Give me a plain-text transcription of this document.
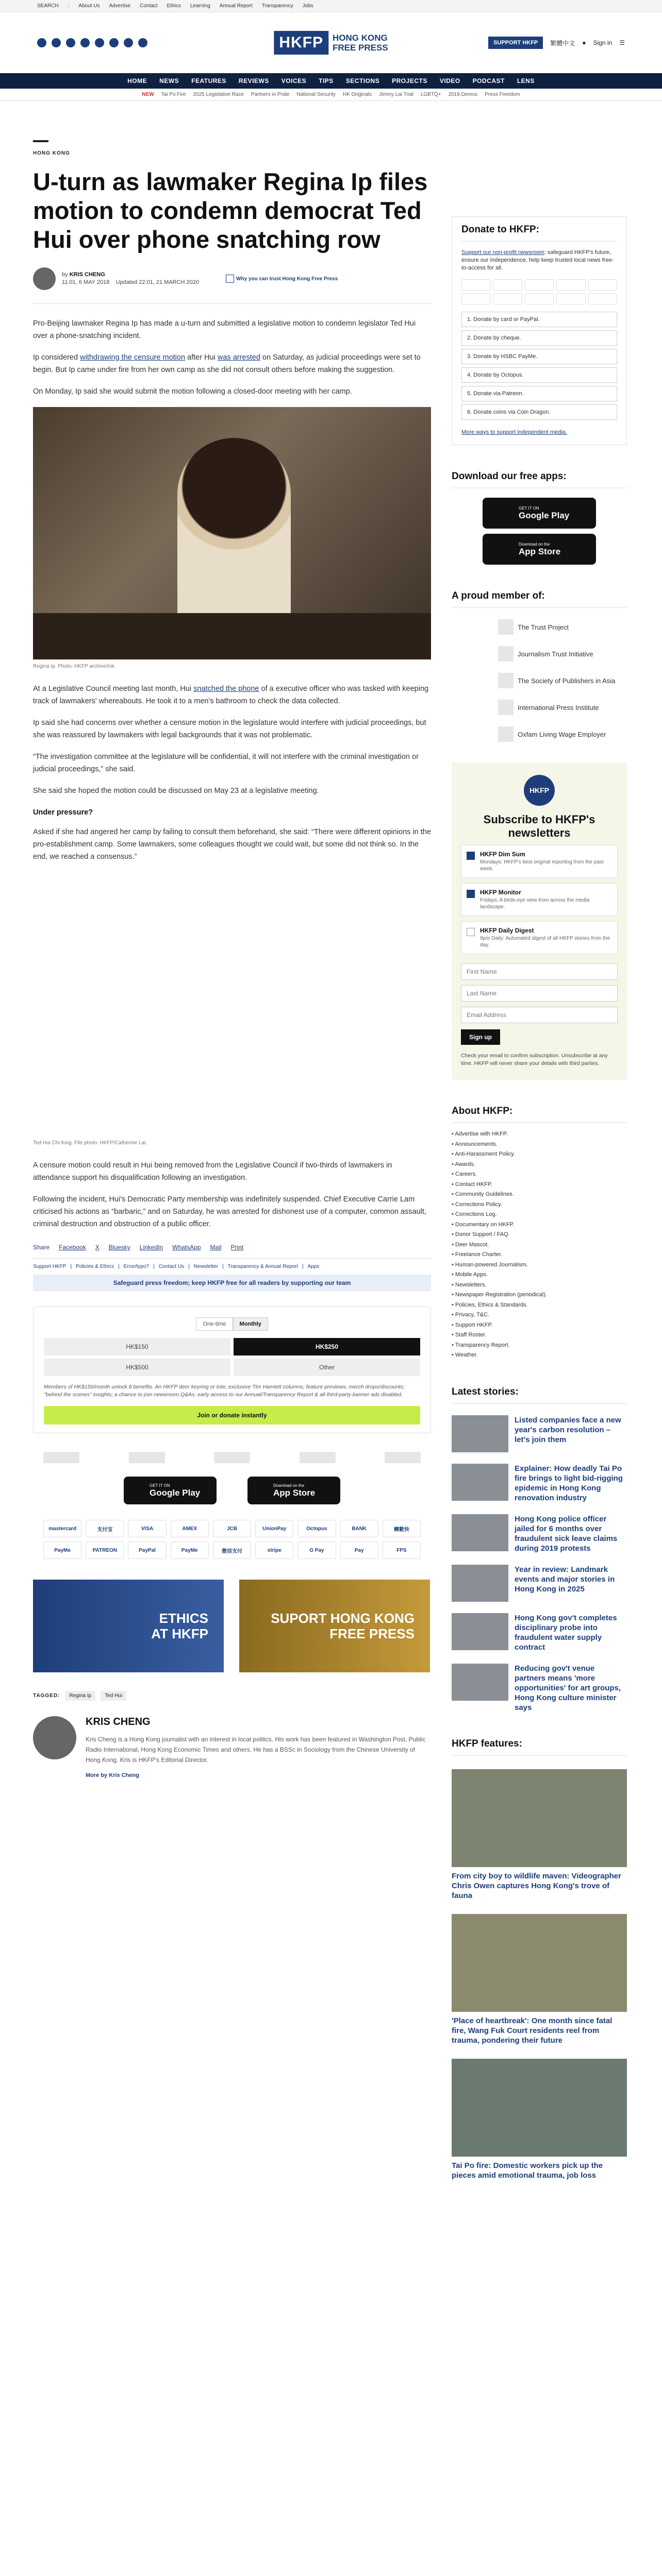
SEARCH | About Us Advertise Contact Ethics Learning Annual Report Transparency Jobs
HKFP	HONG KONG
FREE PRESS	SUPPORT HKFP	繁體中文 ● Sign in ☰
HOME NEWS FEATURES REVIEWS VOICES TIPS SECTIONS PROJECTS VIDEO PODCAST LENS
NEW Tai Po Fire 2025 Legislative Race Partners in Pride National Security HK Originals Jimmy Lai Trial LGBTQ+ 2019 Demos Press Freedom
HONG KONG
U-turn as lawmaker Regina Ip files motion to condemn democrat Ted Hui over phone snatching row
by KRIS CHENG
11:01, 6 MAY 2018 Updated 22:01, 21 MARCH 2020
Why you can trust Hong Kong Free Press

Pro-Beijing lawmaker Regina Ip has made a u-turn and submitted a legislative motion to condemn legislator Ted Hui over a phone-snatching incident.

Ip considered withdrawing the censure motion after Hui was arrested on Saturday, as judicial proceedings were set to begin. But Ip came under fire from her own camp as she did not consult others before making the suggestion.

On Monday, Ip said she would submit the motion following a closed-door meeting with her camp.

Regina Ip. Photo: HKFP archive/Ink.

At a Legislative Council meeting last month, Hui snatched the phone of a executive officer who was tasked with keeping track of lawmakers' whereabouts. He took it to a men's bathroom to check the data collected.

Ip said she had concerns over whether a censure motion in the legislature would interfere with judicial proceedings, but she was reassured by lawmakers with legal backgrounds that it was not problematic.

“The investigation committee at the legislature will be confidential, it will not interfere with the criminal investigation or judicial proceedings,” she said.

She said she hoped the motion could be discussed on May 23 at a legislative meeting.

Under pressure?

Asked if she had angered her camp by failing to consult them beforehand, she said: “There were different opinions in the pro-establishment camp. Some lawmakers, some colleagues thought we could wait, but some did not think so. In the end, we reached a consensus.”

Ted Hui Chi-fung. File photo: HKFP/Catherine Lai.

A censure motion could result in Hui being removed from the Legislative Council if two-thirds of lawmakers in attendance support his disqualification following an investigation.

Following the incident, Hui's Democratic Party membership was indefinitely suspended. Chief Executive Carrie Lam criticised his actions as “barbaric,” and on Saturday, he was arrested for dishonest use of a computer, common assault, criminal destruction and obstruction of a public officer.

Share Facebook X Bluesky LinkedIn WhatsApp Mail Print
Support HKFP | Policies & Ethics | Error/typo? | Contact Us | Newsletter | Transparency & Annual Report | Apps
Safeguard press freedom; keep HKFP free for all readers by supporting our team
One-time	Monthly
HK$150	HK$250
HK$500	Other

Members of HK$150/month unlock 8 benefits. An HKFP deer keyring or tote; exclusive Tim Hamlett columns; feature previews; merch drops/discounts; "behind the scenes" insights; a chance to join newsroom Q&As; early access to our Annual/Transparency Report & all third-party banner ads disabled.

Join or donate instantly
GET IT ON
Google Play
Download on the
App Store
mastercard	支付宝	VISA	AMEX	JCB	UnionPay	Octopus	BANK	轉數快
PayMe	PATREON	PayPal	PayMe	微信支付	stripe	G Pay	Pay	FPS
ETHICS
AT HKFP
SUPORT HONG KONG FREE PRESS
TAGGED:	Regina Ip	Ted Hui
KRIS CHENG

Kris Cheng is a Hong Kong journalist with an interest in local politics. His work has been featured in Washington Post, Public Radio International, Hong Kong Economic Times and others. He has a BSSc in Sociology from the Chinese University of Hong Kong. Kris is HKFP's Editorial Director.

More by Kris Cheng
Donate to HKFP:

Support our non-profit newsroom: safeguard HKFP's future, ensure our independence, help keep trusted local news free-to-access for all.

1. Donate by card or PayPal.
2. Donate by cheque.
3. Donate by HSBC PayMe.
4. Donate by Octopus.
5. Donate via Patreon.
6. Donate coins via Coin Dragon.
More ways to support independent media.
Download our free apps:
GET IT ON
Google Play
Download on the
App Store
A proud member of:
The Trust Project
Journalism Trust Initiative
The Society of Publishers in Asia
International Press Institute
Oxfam Living Wage Employer
HKFP
Subscribe to HKFP's newsletters
HKFP Dim Sum
Mondays: HKFP's best original reporting from the past week.
HKFP Monitor
Fridays: A birds-eye view from across the media landscape.
HKFP Daily Digest
9pm Daily: Automated digest of all HKFP stories from the day.
First Name Last Name Email Address Sign up

Check your email to confirm subscription. Unsubscribe at any time. HKFP will never share your details with third parties.

About HKFP:
• Advertise with HKFP.
• Announcements.
• Anti-Harassment Policy.
• Awards.
• Careers.
• Contact HKFP.
• Community Guidelines.
• Corrections Policy.
• Corrections Log.
• Documentary on HKFP.
• Donor Support / FAQ.
• Deer Mascot.
• Freelance Charter.
• Human-powered Journalism.
• Mobile Apps.
• Newsletters.
• Newspaper Registration (periodical).
• Policies, Ethics & Standards.
• Privacy, T&C.
• Support HKFP.
• Staff Roster.
• Transparency Report.
• Weather.
Latest stories:
Listed companies face a new year's carbon resolution – let's join them
Explainer: How deadly Tai Po fire brings to light bid-rigging epidemic in Hong Kong renovation industry
Hong Kong police officer jailed for 6 months over fraudulent sick leave claims during 2019 protests
Year in review: Landmark events and major stories in Hong Kong in 2025
Hong Kong gov't completes disciplinary probe into fraudulent water supply contract
Reducing gov't venue partners means 'more opportunities' for art groups, Hong Kong culture minister says
HKFP features:
From city boy to wildlife maven: Videographer Chris Owen captures Hong Kong's trove of fauna
'Place of heartbreak': One month since fatal fire, Wang Fuk Court residents reel from trauma, pondering their future
Tai Po fire: Domestic workers pick up the pieces amid emotional trauma, job loss
